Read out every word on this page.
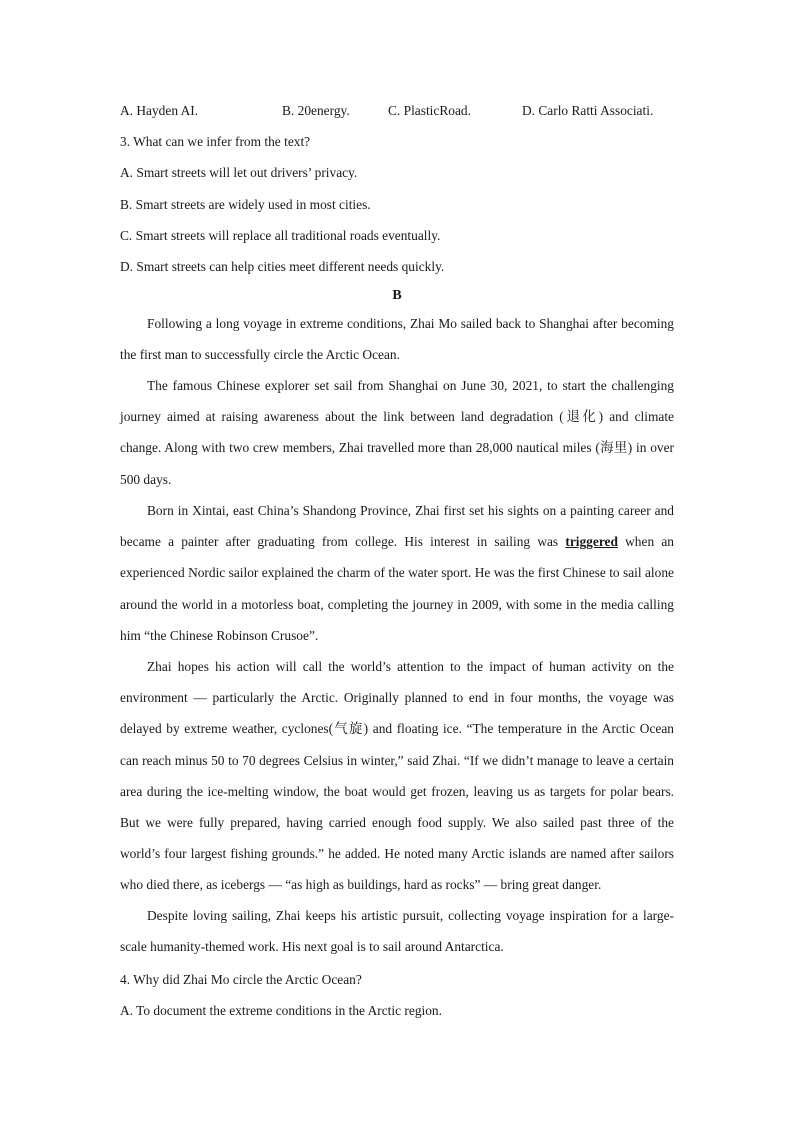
A. Hayden AI.	B. 20energy.	C. PlasticRoad.	D. Carlo Ratti Associati.
3. What can we infer from the text?
A. Smart streets will let out drivers’ privacy.
B. Smart streets are widely used in most cities.
C. Smart streets will replace all traditional roads eventually.
D. Smart streets can help cities meet different needs quickly.
B
Following a long voyage in extreme conditions, Zhai Mo sailed back to Shanghai after becoming the first man to successfully circle the Arctic Ocean.
The famous Chinese explorer set sail from Shanghai on June 30, 2021, to start the challenging journey aimed at raising awareness about the link between land degradation (退化) and climate change. Along with two crew members, Zhai travelled more than 28,000 nautical miles (海里) in over 500 days.
Born in Xintai, east China’s Shandong Province, Zhai first set his sights on a painting career and became a painter after graduating from college. His interest in sailing was triggered when an experienced Nordic sailor explained the charm of the water sport. He was the first Chinese to sail alone around the world in a motorless boat, completing the journey in 2009, with some in the media calling him “the Chinese Robinson Crusoe”.
Zhai hopes his action will call the world’s attention to the impact of human activity on the environment — particularly the Arctic. Originally planned to end in four months, the voyage was delayed by extreme weather, cyclones(气旋) and floating ice. “The temperature in the Arctic Ocean can reach minus 50 to 70 degrees Celsius in winter,” said Zhai. “If we didn’t manage to leave a certain area during the ice-melting window, the boat would get frozen, leaving us as targets for polar bears. But we were fully prepared, having carried enough food supply. We also sailed past three of the world’s four largest fishing grounds.” he added. He noted many Arctic islands are named after sailors who died there, as icebergs — “as high as buildings, hard as rocks” — bring great danger.
Despite loving sailing, Zhai keeps his artistic pursuit, collecting voyage inspiration for a large-scale humanity-themed work. His next goal is to sail around Antarctica.
4. Why did Zhai Mo circle the Arctic Ocean?
A. To document the extreme conditions in the Arctic region.
